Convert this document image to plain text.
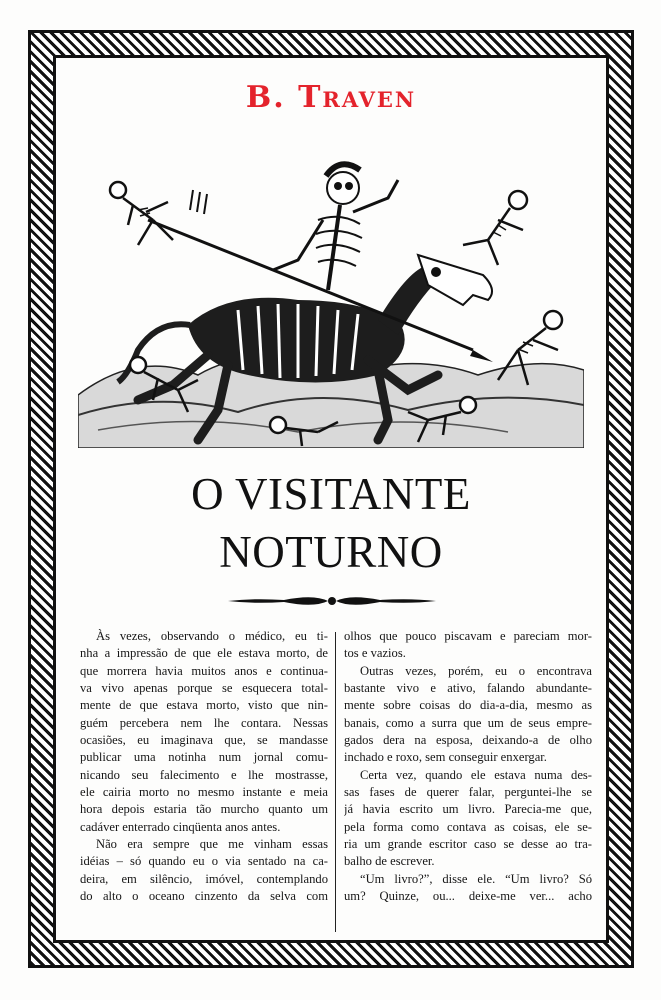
B. Traven
O VISITANTE
NOTURNO
Às vezes, observando o médico, eu ti-
nha a impressão de que ele estava morto, de
que morrera havia muitos anos e continua-
va vivo apenas porque se esquecera total-
mente de que estava morto, visto que nin-
guém percebera nem lhe contara. Nessas
ocasiões, eu imaginava que, se mandasse
publicar uma notinha num jornal comu-
nicando seu falecimento e lhe mostrasse,
ele cairia morto no mesmo instante e meia
hora depois estaria tão murcho quanto um
cadáver enterrado cinqüenta anos antes.
Não era sempre que me vinham essas
idéias – só quando eu o via sentado na ca-
deira, em silêncio, imóvel, contemplando
do alto o oceano cinzento da selva com
olhos que pouco piscavam e pareciam mor-
tos e vazios.
Outras vezes, porém, eu o encontrava
bastante vivo e ativo, falando abundante-
mente sobre coisas do dia-a-dia, mesmo as
banais, como a surra que um de seus empre-
gados dera na esposa, deixando-a de olho
inchado e roxo, sem conseguir enxergar.
Certa vez, quando ele estava numa des-
sas fases de querer falar, perguntei-lhe se
já havia escrito um livro. Parecia-me que,
pela forma como contava as coisas, ele se-
ria um grande escritor caso se desse ao tra-
balho de escrever.
“Um livro?”, disse ele. “Um livro? Só
um? Quinze, ou... deixe-me ver... acho
